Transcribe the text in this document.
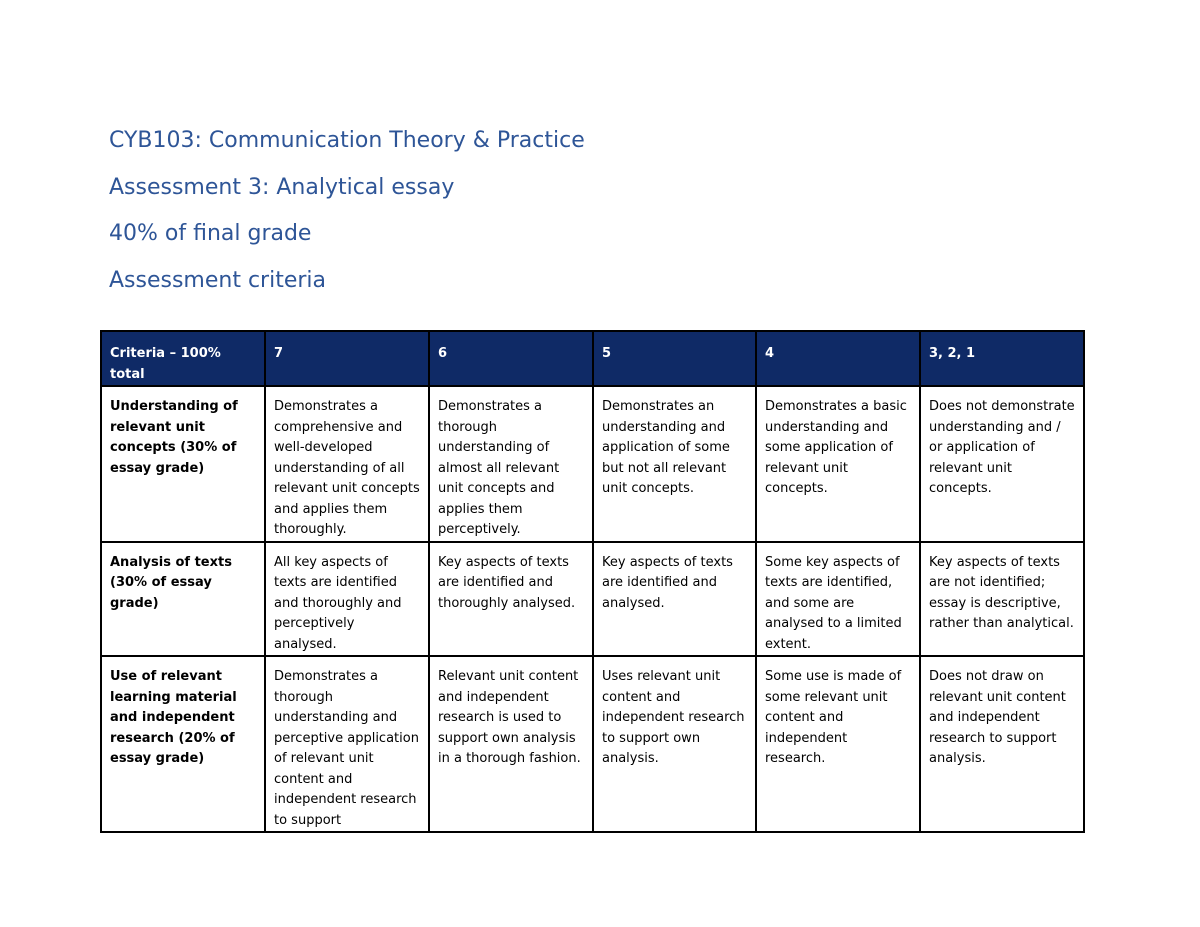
CYB103: Communication Theory & Practice
Assessment 3: Analytical essay
40% of final grade
Assessment criteria
Criteria – 100% total	7	6	5	4	3, 2, 1
Understanding of relevant unit concepts (30% of essay grade)	Demonstrates a comprehensive and well-developed understanding of all relevant unit concepts and applies them thoroughly.	Demonstrates a thorough understanding of almost all relevant unit concepts and applies them perceptively.	Demonstrates an understanding and application of some but not all relevant unit concepts.	Demonstrates a basic understanding and some application of relevant unit concepts.	Does not demonstrate understanding and / or application of relevant unit concepts.
Analysis of texts (30% of essay grade)	All key aspects of texts are identified and thoroughly and perceptively analysed.	Key aspects of texts are identified and thoroughly analysed.	Key aspects of texts are identified and analysed.	Some key aspects of texts are identified, and some are analysed to a limited extent.	Key aspects of texts are not identified; essay is descriptive, rather than analytical.
Use of relevant learning material and independent research (20% of essay grade)	Demonstrates a thorough understanding and perceptive application of relevant unit content and independent research to support	Relevant unit content and independent research is used to support own analysis in a thorough fashion.	Uses relevant unit content and independent research to support own analysis.	Some use is made of some relevant unit content and independent research.	Does not draw on relevant unit content and independent research to support analysis.
